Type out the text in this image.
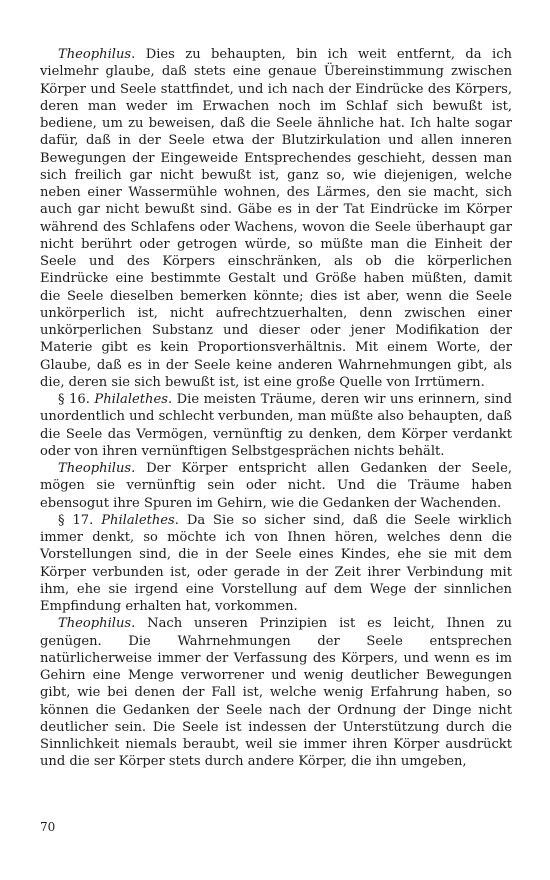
Theophilus. Dies zu behaupten, bin ich weit entfernt, da ich vielmehr glaube, daß stets eine genaue Übereinstimmung zwischen Körper und Seele stattfindet, und ich nach der Eindrücke des Körpers, deren man weder im Erwachen noch im Schlaf sich bewußt ist, bediene, um zu beweisen, daß die Seele ähnliche hat. Ich halte sogar dafür, daß in der Seele etwa der Blutzirkulation und allen inneren Bewegungen der Eingeweide Entsprechendes geschieht, dessen man sich freilich gar nicht bewußt ist, ganz so, wie diejenigen, welche neben einer Wassermühle wohnen, des Lärmes, den sie macht, sich auch gar nicht bewußt sind. Gäbe es in der Tat Eindrücke im Körper während des Schlafens oder Wachens, wovon die Seele überhaupt gar nicht berührt oder getrogen würde, so müßte man die Einheit der Seele und des Körpers einschränken, als ob die körperlichen Eindrücke eine bestimmte Gestalt und Größe haben müßten, damit die Seele dieselben bemerken könnte; dies ist aber, wenn die Seele unkörperlich ist, nicht aufrechtzuerhalten, denn zwischen einer unkörperlichen Substanz und dieser oder jener Modifikation der Materie gibt es kein Proportionsverhältnis. Mit einem Worte, der Glaube, daß es in der Seele keine anderen Wahrnehmungen gibt, als die, deren sie sich bewußt ist, ist eine große Quelle von Irrtümern.

§ 16. Philalethes. Die meisten Träume, deren wir uns erinnern, sind unordentlich und schlecht verbunden, man müßte also behaupten, daß die Seele das Vermögen, vernünftig zu denken, dem Körper verdankt oder von ihren vernünftigen Selbstgesprächen nichts behält.

Theophilus. Der Körper entspricht allen Gedanken der Seele, mögen sie vernünftig sein oder nicht. Und die Träume haben ebensogut ihre Spuren im Gehirn, wie die Gedanken der Wachenden.

§ 17. Philalethes. Da Sie so sicher sind, daß die Seele wirklich immer denkt, so möchte ich von Ihnen hören, welches denn die Vorstellungen sind, die in der Seele eines Kindes, ehe sie mit dem Körper verbunden ist, oder gerade in der Zeit ihrer Verbindung mit ihm, ehe sie irgend eine Vorstellung auf dem Wege der sinnlichen Empfindung erhalten hat, vorkommen.

Theophilus. Nach unseren Prinzipien ist es leicht, Ihnen zu genügen. Die Wahrnehmungen der Seele entsprechen natürlicherweise immer der Verfassung des Körpers, und wenn es im Gehirn eine Menge verworrener und wenig deutlicher Bewegungen gibt, wie bei denen der Fall ist, welche wenig Erfahrung haben, so können die Gedanken der Seele nach der Ordnung der Dinge nicht deutlicher sein. Die Seele ist indessen der Unterstützung durch die Sinnlichkeit niemals beraubt, weil sie immer ihren Körper ausdrückt und die ser Körper stets durch andere Körper, die ihn umgeben,

70
